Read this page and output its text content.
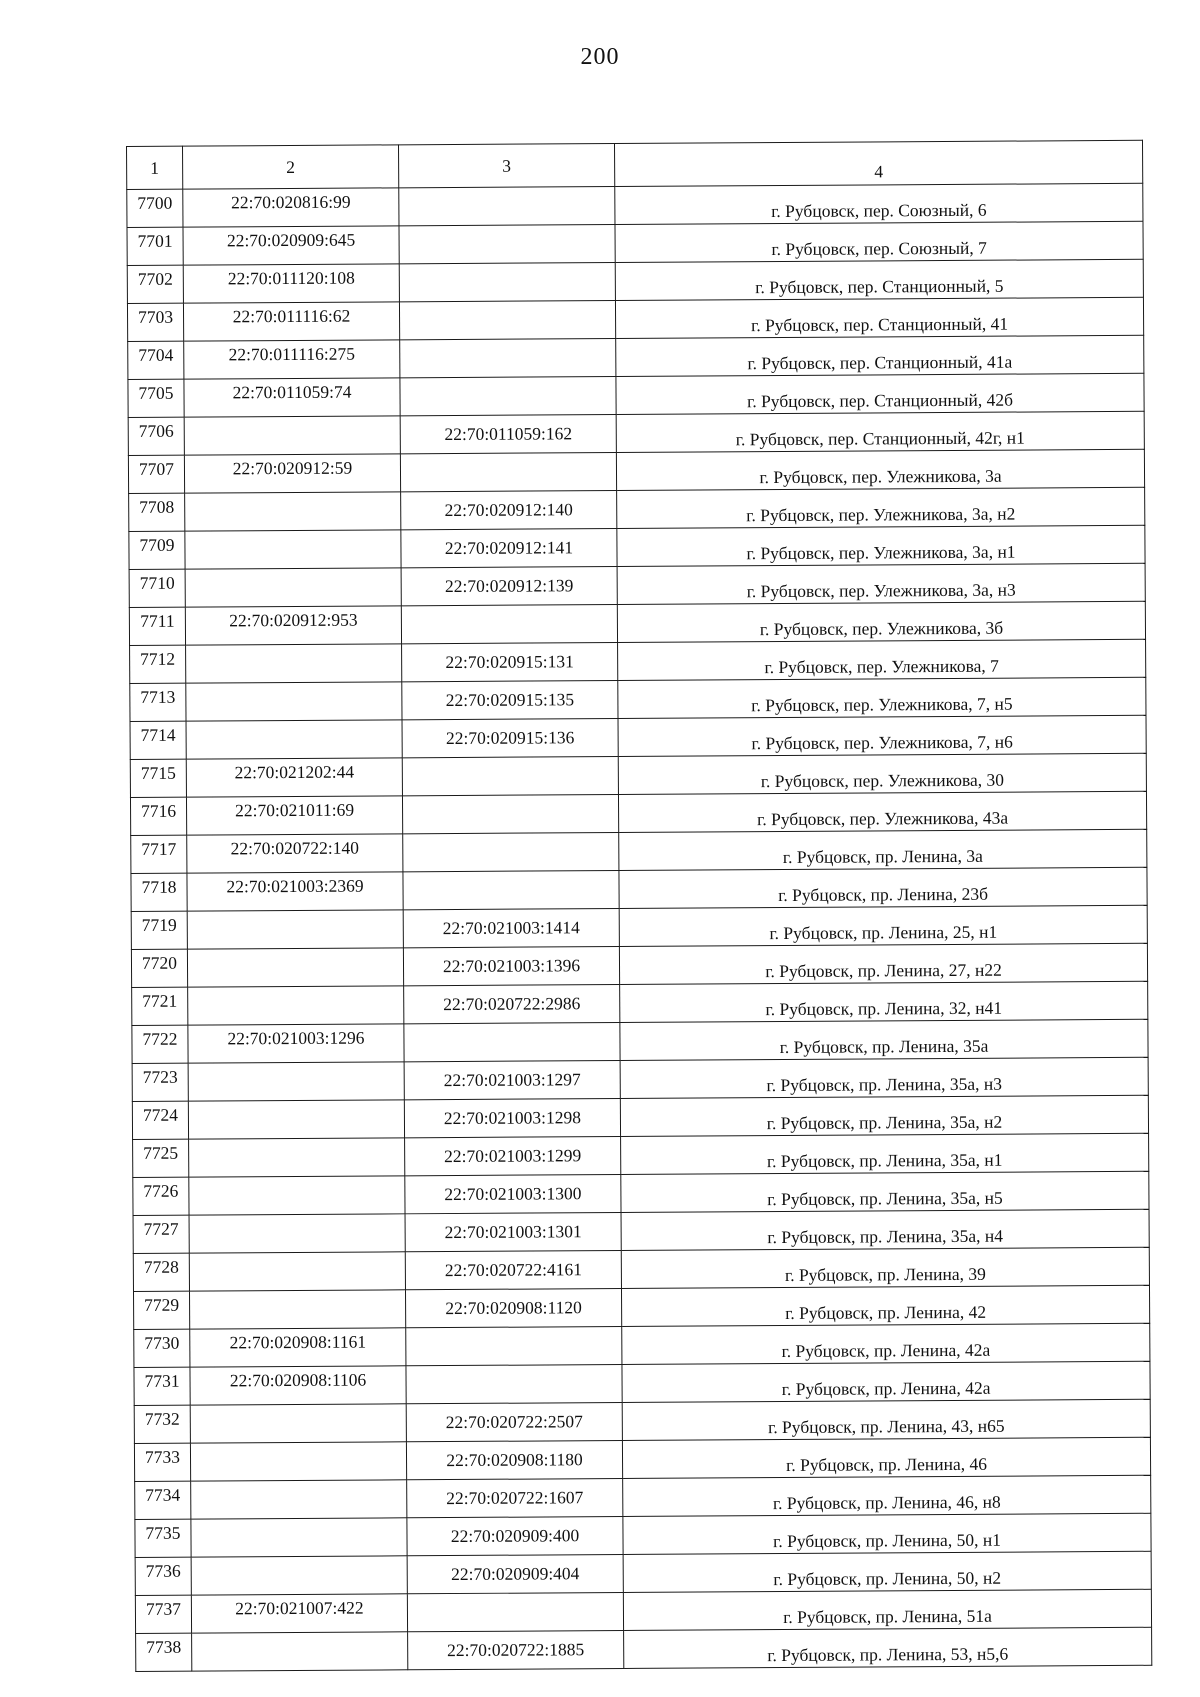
200
1	2	3	4
7700	22:70:020816:99		г. Рубцовск, пер. Союзный, 6
7701	22:70:020909:645		г. Рубцовск, пер. Союзный, 7
7702	22:70:011120:108		г. Рубцовск, пер. Станционный, 5
7703	22:70:011116:62		г. Рубцовск, пер. Станционный, 41
7704	22:70:011116:275		г. Рубцовск, пер. Станционный, 41а
7705	22:70:011059:74		г. Рубцовск, пер. Станционный, 42б
7706		22:70:011059:162	г. Рубцовск, пер. Станционный, 42г, н1
7707	22:70:020912:59		г. Рубцовск, пер. Улежникова, 3а
7708		22:70:020912:140	г. Рубцовск, пер. Улежникова, 3а, н2
7709		22:70:020912:141	г. Рубцовск, пер. Улежникова, 3а, н1
7710		22:70:020912:139	г. Рубцовск, пер. Улежникова, 3а, н3
7711	22:70:020912:953		г. Рубцовск, пер. Улежникова, 3б
7712		22:70:020915:131	г. Рубцовск, пер. Улежникова, 7
7713		22:70:020915:135	г. Рубцовск, пер. Улежникова, 7, н5
7714		22:70:020915:136	г. Рубцовск, пер. Улежникова, 7, н6
7715	22:70:021202:44		г. Рубцовск, пер. Улежникова, 30
7716	22:70:021011:69		г. Рубцовск, пер. Улежникова, 43а
7717	22:70:020722:140		г. Рубцовск, пр. Ленина, 3а
7718	22:70:021003:2369		г. Рубцовск, пр. Ленина, 23б
7719		22:70:021003:1414	г. Рубцовск, пр. Ленина, 25, н1
7720		22:70:021003:1396	г. Рубцовск, пр. Ленина, 27, н22
7721		22:70:020722:2986	г. Рубцовск, пр. Ленина, 32, н41
7722	22:70:021003:1296		г. Рубцовск, пр. Ленина, 35а
7723		22:70:021003:1297	г. Рубцовск, пр. Ленина, 35а, н3
7724		22:70:021003:1298	г. Рубцовск, пр. Ленина, 35а, н2
7725		22:70:021003:1299	г. Рубцовск, пр. Ленина, 35а, н1
7726		22:70:021003:1300	г. Рубцовск, пр. Ленина, 35а, н5
7727		22:70:021003:1301	г. Рубцовск, пр. Ленина, 35а, н4
7728		22:70:020722:4161	г. Рубцовск, пр. Ленина, 39
7729		22:70:020908:1120	г. Рубцовск, пр. Ленина, 42
7730	22:70:020908:1161		г. Рубцовск, пр. Ленина, 42а
7731	22:70:020908:1106		г. Рубцовск, пр. Ленина, 42а
7732		22:70:020722:2507	г. Рубцовск, пр. Ленина, 43, н65
7733		22:70:020908:1180	г. Рубцовск, пр. Ленина, 46
7734		22:70:020722:1607	г. Рубцовск, пр. Ленина, 46, н8
7735		22:70:020909:400	г. Рубцовск, пр. Ленина, 50, н1
7736		22:70:020909:404	г. Рубцовск, пр. Ленина, 50, н2
7737	22:70:021007:422		г. Рубцовск, пр. Ленина, 51а
7738		22:70:020722:1885	г. Рубцовск, пр. Ленина, 53, н5,6
